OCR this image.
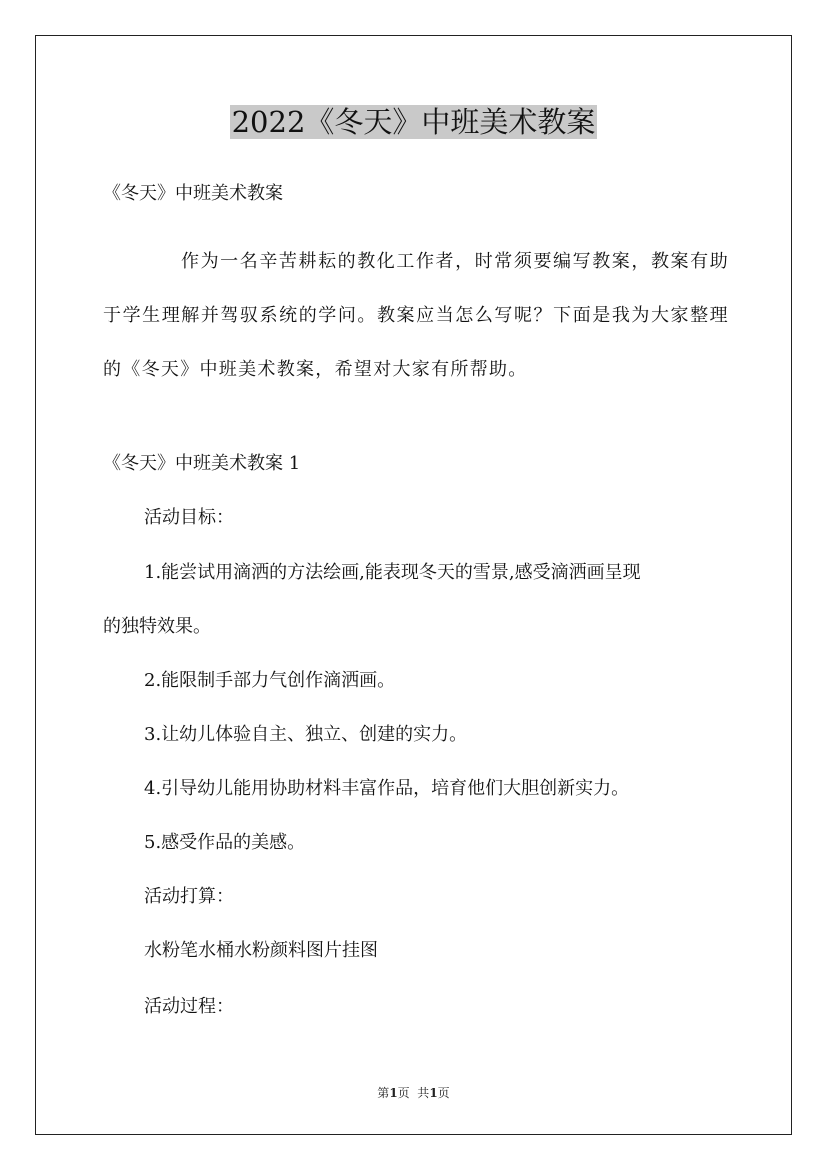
2022《冬天》中班美术教案
《冬天》中班美术教案
作为一名辛苦耕耘的教化工作者，时常须要编写教案，教案有助于学生理解并驾驭系统的学问。教案应当怎么写呢？下面是我为大家整理的《冬天》中班美术教案，希望对大家有所帮助。
《冬天》中班美术教案 1
活动目标：
1.能尝试用滴洒的方法绘画,能表现冬天的雪景,感受滴洒画呈现
的独特效果。
2.能限制手部力气创作滴洒画。
3.让幼儿体验自主、独立、创建的实力。
4.引导幼儿能用协助材料丰富作品，培育他们大胆创新实力。
5.感受作品的美感。
活动打算：
水粉笔水桶水粉颜料图片挂图
活动过程：
第1页  共1页
